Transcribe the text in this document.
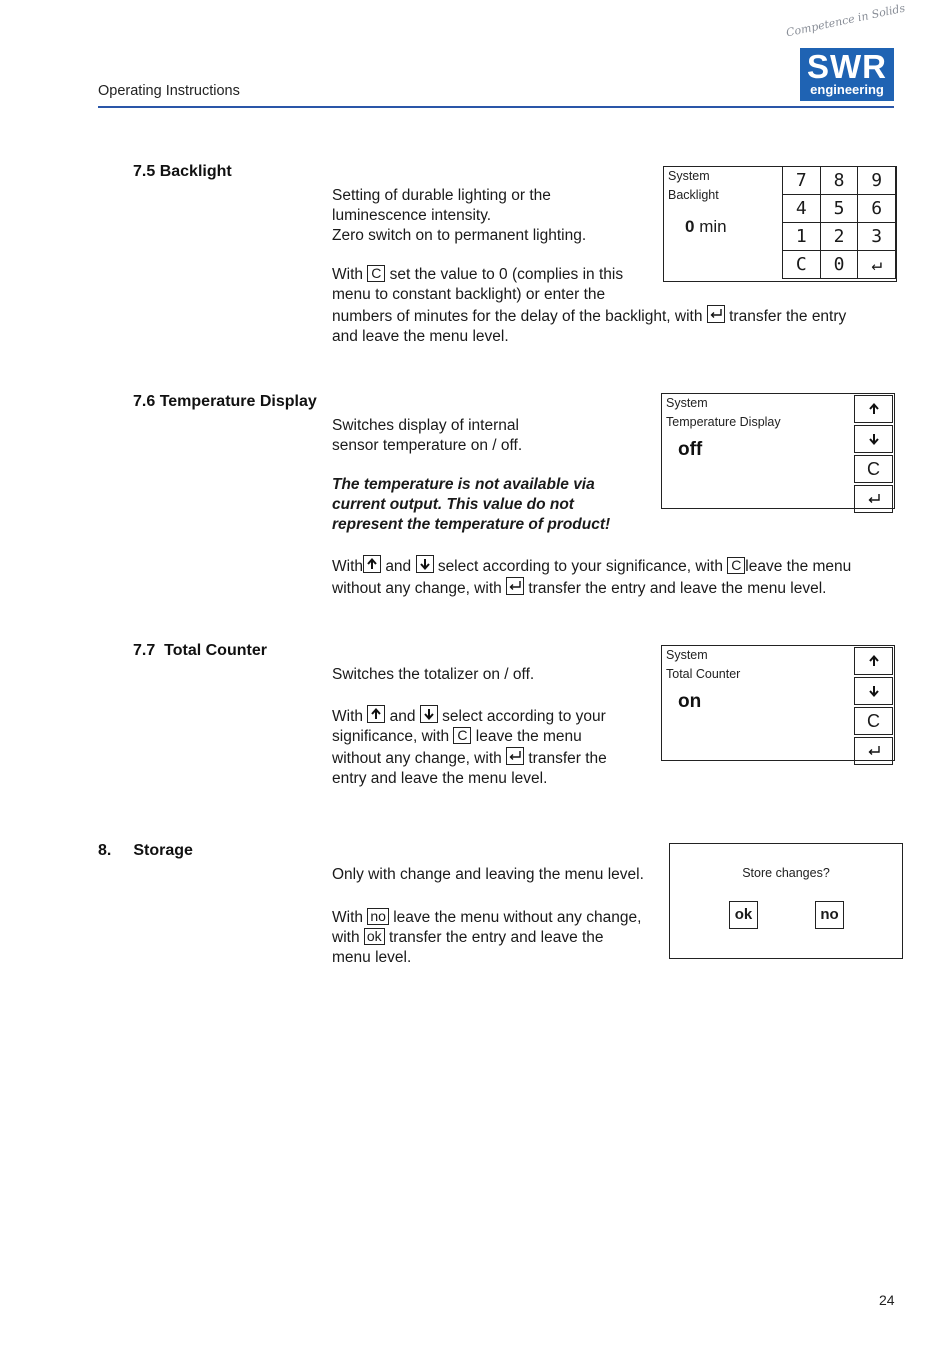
Operating Instructions
Competence in Solids
SWR
engineering
7.5 Backlight
Setting of durable lighting or the
luminescence intensity.
Zero switch on to permanent lighting.
With C set the value to 0 (complies in this
menu to constant backlight) or enter the
numbers of minutes for the delay of the backlight, with transfer the entry
and leave the menu level.
System
Backlight
0 min
7	8	9
4	5	6
1	2	3
C	0	↵
7.6 Temperature Display
Switches display of internal
sensor temperature on / off.
The temperature is not available via
current output. This value do not
represent the temperature of product!
With and select according to your significance, with C leave the menu
without any change, with transfer the entry and leave the menu level.
System
Temperature Display
off
C
7.7 Total Counter
Switches the totalizer on / off.
With and select according to your
significance, with C leave the menu
without any change, with transfer the
entry and leave the menu level.
System
Total Counter
on
C
8. Storage
Only with change and leaving the menu level.
With no leave the menu without any change,
with ok transfer the entry and leave the
menu level.
Store changes?
ok	no
24
